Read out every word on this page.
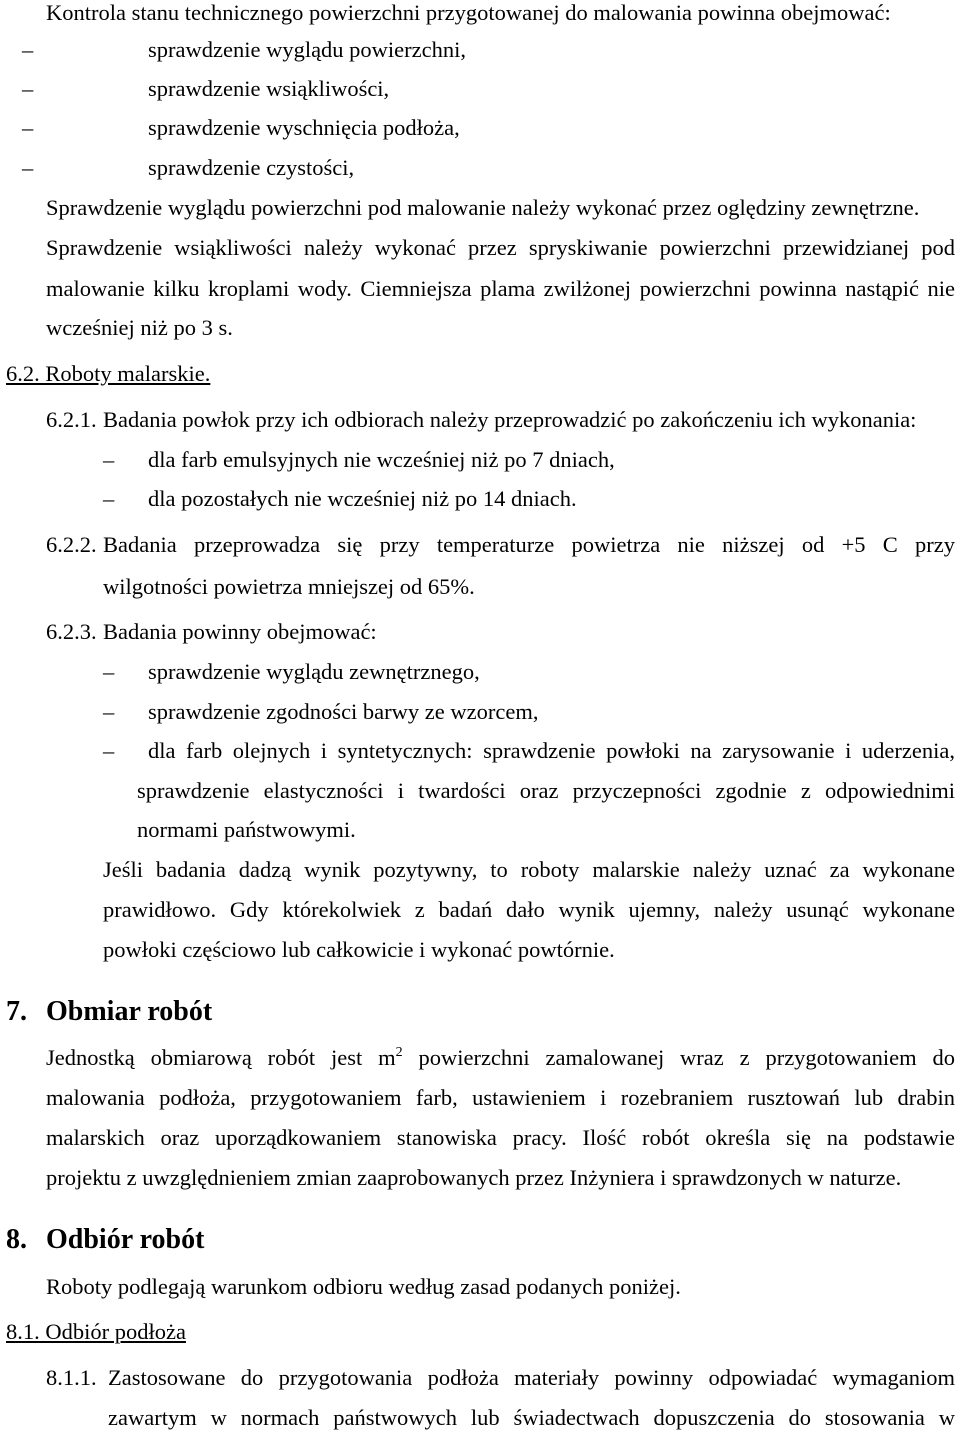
Kontrola stanu technicznego powierzchni przygotowanej do malowania powinna obejmować:
–	sprawdzenie wyglądu powierzchni,
–	sprawdzenie wsiąkliwości,
–	sprawdzenie wyschnięcia podłoża,
–	sprawdzenie czystości,
Sprawdzenie wyglądu powierzchni pod malowanie należy wykonać przez oględziny zewnętrzne.
Sprawdzenie wsiąkliwości należy wykonać przez spryskiwanie powierzchni przewidzianej pod
malowanie kilku kroplami wody. Ciemniejsza plama zwilżonej powierzchni powinna nastąpić nie
wcześniej niż po 3 s.
6.2. Roboty malarskie.
6.2.1. Badania powłok przy ich odbiorach należy przeprowadzić po zakończeniu ich wykonania:
– dla farb emulsyjnych nie wcześniej niż po 7 dniach,
– dla pozostałych nie wcześniej niż po 14 dniach.
6.2.2. Badania przeprowadza się przy temperaturze powietrza nie niższej od +5 C przy
wilgotności powietrza mniejszej od 65%.
6.2.3. Badania powinny obejmować:
– sprawdzenie wyglądu zewnętrznego,
– sprawdzenie zgodności barwy ze wzorcem,
– dla farb olejnych i syntetycznych: sprawdzenie powłoki na zarysowanie i uderzenia,
sprawdzenie elastyczności i twardości oraz przyczepności zgodnie z odpowiednimi
normami państwowymi.
Jeśli badania dadzą wynik pozytywny, to roboty malarskie należy uznać za wykonane
prawidłowo. Gdy którekolwiek z badań dało wynik ujemny, należy usunąć wykonane
powłoki częściowo lub całkowicie i wykonać powtórnie.
7. Obmiar robót
Jednostką obmiarową robót jest $m^2$ powierzchni zamalowanej wraz z przygotowaniem do
malowania podłoża, przygotowaniem farb, ustawieniem i rozebraniem rusztowań lub drabin
malarskich oraz uporządkowaniem stanowiska pracy. Ilość robót określa się na podstawie
projektu z uwzględnieniem zmian zaaprobowanych przez Inżyniera i sprawdzonych w naturze.
8. Odbiór robót
Roboty podlegają warunkom odbioru według zasad podanych poniżej.
8.1. Odbiór podłoża
8.1.1. Zastosowane do przygotowania podłoża materiały powinny odpowiadać wymaganiom
zawartym w normach państwowych lub świadectwach dopuszczenia do stosowania w
